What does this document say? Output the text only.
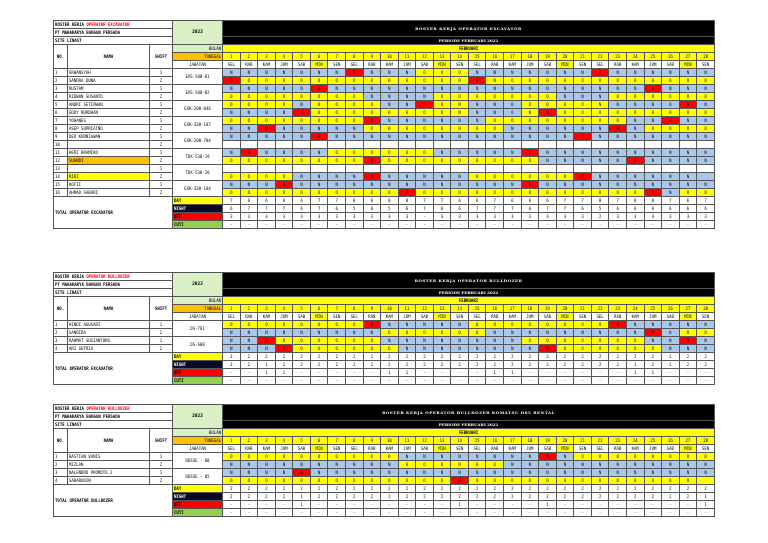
ROSTER KERJA OPERATOR EXCAVATOR			2022	ROSTER KERJA OPERATOR EXCAVATOR																											
PT MAHAKARYA BANGUN PERSADA																															
SITE LINAST				PERIODE FEBRUARI 2022																											
NO.	NAMA	SHIFT	BULAN	FEBRUARI																											
			TANGGAL	1	2	3	4	5	6	7	8	9	10	11	12	13	14	15	16	17	18	19	20	21	22	23	24	25	26	27	28
			JABATAN	SEL	RAB	KAM	JUM	SAB	MIN	SEN	SEL	RAB	KAM	JUM	SAB	MIN	SEN	SEL	RAB	KAM	JUM	SAB	MIN	SEN	SEL	RAB	KAM	JUM	SAB	MIN	SEN
1	ERWANSYAH	1	EXS-500-01	N	N	N	N	N	N	N	O	N	N	N	O	O	O	N	N	N	N	N	N	N	O	N	N	N	N	N	N
2	SANDRA DONA	2		O	O	O	O	O	O	O	O	O	O	O	O	O	O	O	N	O	O	O	O	O	O	O	O	O	O	O	O
3	RUSTAM	1	EXS-500-02	N	N	N	N	N	O	N	N	N	N	N	N	N	N	N	N	N	N	N	N	N	N	N	N	O	N	N	N
4	RIDWAN SUSANTO	2		O	O	O	O	O	O	O	O	N	N	N	N	O	O	O	O	O	O	O	N	N	N	O	O	O	O	O	O
5	ANDRI SETIAWAN	1	EXK-200-046	O	O	O	O	N	O	O	O	O	N	N	O	O	N	N	N	O	O	O	O	O	N	N	N	N	O	N	N
6	EDDY NURDHAN	2		N	N	N	N	O	O	O	O	O	O	O	O	O	N	N	N	O	N	O	O	O	O	O	O	O	O	O	O
7	YOHANES	1	EXK-330-187	O	O	O	O	O	O	O	O	O	N	N	N	N	N	N	O	O	O	O	O	O	O	O	N	N	O	N	N
8	ASEP SUPRIATNO	2		N	N	O	N	N	N	N	N	O	O	O	O	O	O	O	O	N	N	N	N	N	N	O	N	O	O	O	O
9	DEO KURNIAWAN	1	EXK-200-704	N	N	N	N	N	O	N	N	N	N	N	N	N	N	N	N	N	N	N	N	O	N	N	N	N	N	N	N
10		2																													
11	HERI BRAMIKO	1	TDX-530-19	N	O	N	N	N	N	O	O	O	O	O	O	N	N	N	N	N	O	N	N	N	N	N	N	N	N	N	N
12	SUANDI	2		O	O	O	O	O	O	O	O	N	O	O	O	O	O	O	O	O	O	N	N	N	N	N	O	N	N	N	N
13		1	TDX-530-20																												
14	RIKI	2		O	O	O	O	N	N	N	N	N	N	N	N	N	N	O	O	O	O	O	O	N	N	N	N	N	N	N	
15	KOFII	1	EXK-330-184	N	N	N	N	N	N	N	N	N	N	N	N	N	N	N	N	N	N	N	N	N	N	N	N	N	N	N	N
16	AHMAD SABARI	2		O	O	O	O	O	O	O	O	O	O	O	O	O	O	O	O	O	O	O	O	O	O	O	O	O	N	O	O
TOTAL OPERATOR EXCAVATOR			DAY	7	6	6	6	6	7	7	8	6	8	8	7	7	6	6	7	6	6	6	7	7	8	7	8	8	7	6	7
			NIGHT	6	7	7	7	6	7	6	5	6	5	6	7	6	6	7	7	7	6	7	7	6	5	6	6	6	6	6	6
			OFF	3	3	3	3	3	3	3	3	3	3	3	-	3	3	3	3	3	3	3	3	3	2	3	3	3	3	3	3
			CUTI	-	-	-	-	-	-	-	-	-	-	-	-	-	-	-	-	-	-	-	-	-	-	-	-	-	-	-	-
ROSTER KERJA OPERATOR BULLDOZER			2022	ROSTER KERJA OPERATOR BULLDOZER																											
PT MAHAKARYA BANGUN PERSADA																															
SITE LINAST				PERIODE FEBRUARI 2022																											
NO.	NAMA	SHIFT	BULAN	FEBRUARI																											
			TANGGAL	1	2	3	4	5	6	7	8	9	10	11	12	13	14	15	16	17	18	19	20	21	22	23	24	25	26	27	28
			JABATAN	SEL	RAB	KAM	JUM	SAB	MIN	SEN	SEL	RAB	KAM	JUM	SAB	MIN	SEN	SEL	RAB	KAM	JUM	SAB	MIN	SEN	SEL	RAB	KAM	JUM	SAB	MIN	SEN
1	HINDI AGUSARI	1	DS-761	O	O	O	O	O	O	O	O	O	N	N	N	N	N	O	O	O	O	O	O	O	O	O	N	N	N	N	N
2	SANDIRA	2		N	N	N	N	N	N	N	N	N	O	O	O	O	O	O	N	N	N	N	N	N	N	N	N	O	O	O	O
3	RAHMAT SUGIANTORO	1	DS-600	N	N	O	O	O	O	O	O	O	N	N	N	N	N	N	N	N	O	O	O	O	O	O	O	N	N	N	N
4	ARI SUTRIA	2		N	N	N	O	O	O	O	O	O	O	N	N	N	N	N	N	N	N	O	O	O	O	O	O	O	N	N	N
TOTAL OPERATOR EXCAVATOR			DAY	2	2	2	2	2	2	2	2	2	2	2	2	2	2	2	2	2	2	2	2	2	2	2	2	2	2	2	2
			NIGHT	2	2	1	2	2	2	2	2	2	2	2	2	2	2	2	2	2	2	2	2	2	2	2	1	2	2	2	2
			OFF	-	-	1	1	-	-	-	-	-	1	1	-	-	-	-	1	1	-	-	-	-	-	-	1	1	-	-	-
			CUTI	-	-	-	-	-	-	-	-	-	-	-	-	-	-	-	-	-	-	-	-	-	-	-	-	-	-	-	-
ROSTER KERJA OPERATOR BULLDOZER			2022	ROSTER KERJA OPERATOR BULLDOZER KOMATSU D85 RENTAL																											
PT MAHAKARYA BANGUN PERSADA																															
SITE LINAST				PERIODE FEBRUARI 2022																											
NO.	NAMA	SHIFT	BULAN	FEBRUARI																											
			TANGGAL	1	2	3	4	5	6	7	8	9	10	11	12	13	14	15	16	17	18	19	20	21	22	23	24	25	26	27	28
			JABATAN	SEL	RAB	KAM	JUM	SAB	MIN	SEN	SEL	RAB	KAM	JUM	SAB	MIN	SEN	SEL	RAB	KAM	JUM	SAB	MIN	SEN	SEL	RAB	KAM	JUM	SAB	MIN	SEN
1	BASTIAN VANIS	1	DOSSE - 08	O	O	O	O	O	O	O	O	O	O	N	N	N	N	N	N	N	N	N	N	O	O	O	O	O	O	O	O
2	MIZLAN	2		N	N	N	N	N	N	N	N	N	N	O	O	O	O	O	O	N	N	N	N	N	N	N	N	N	N	N	N
3	NALENDRO PROMOTO J	1	DOSSE - 05	N	N	N	N	N	N	N	N	N	N	N	N	N	N	N	N	N	N	N	N	N	N	N	N	N	N	N	N
4	SABARUDIN	2		O	O	O	O	O	O	O	O	O	O	O	O	O	N	O	O	O	O	O	O	O	O	O	O	O	O	O	
TOTAL OPERATOR BULLDOZER			DAY	2	2	2	2	2	2	2	2	2	2	2	2	2	2	2	2	2	2	2	2	2	2	2	2	2	2	2	2
			NIGHT	2	2	2	2	1	2	2	2	2	2	2	2	2	2	2	2	2	2	2	2	2	2	2	2	2	2	2	1
			OFF	-	-	-	-	1	-	-	-	-	-	-	-	-	1	-	-	-	-	1	-	-	-	-	-	-	-	-	1
			CUTI	-	-	-	-	-	-	-	-	-	-	-	-	-	-	-	-	-	-	-	-	-	-	-	-	-	-	-	-
